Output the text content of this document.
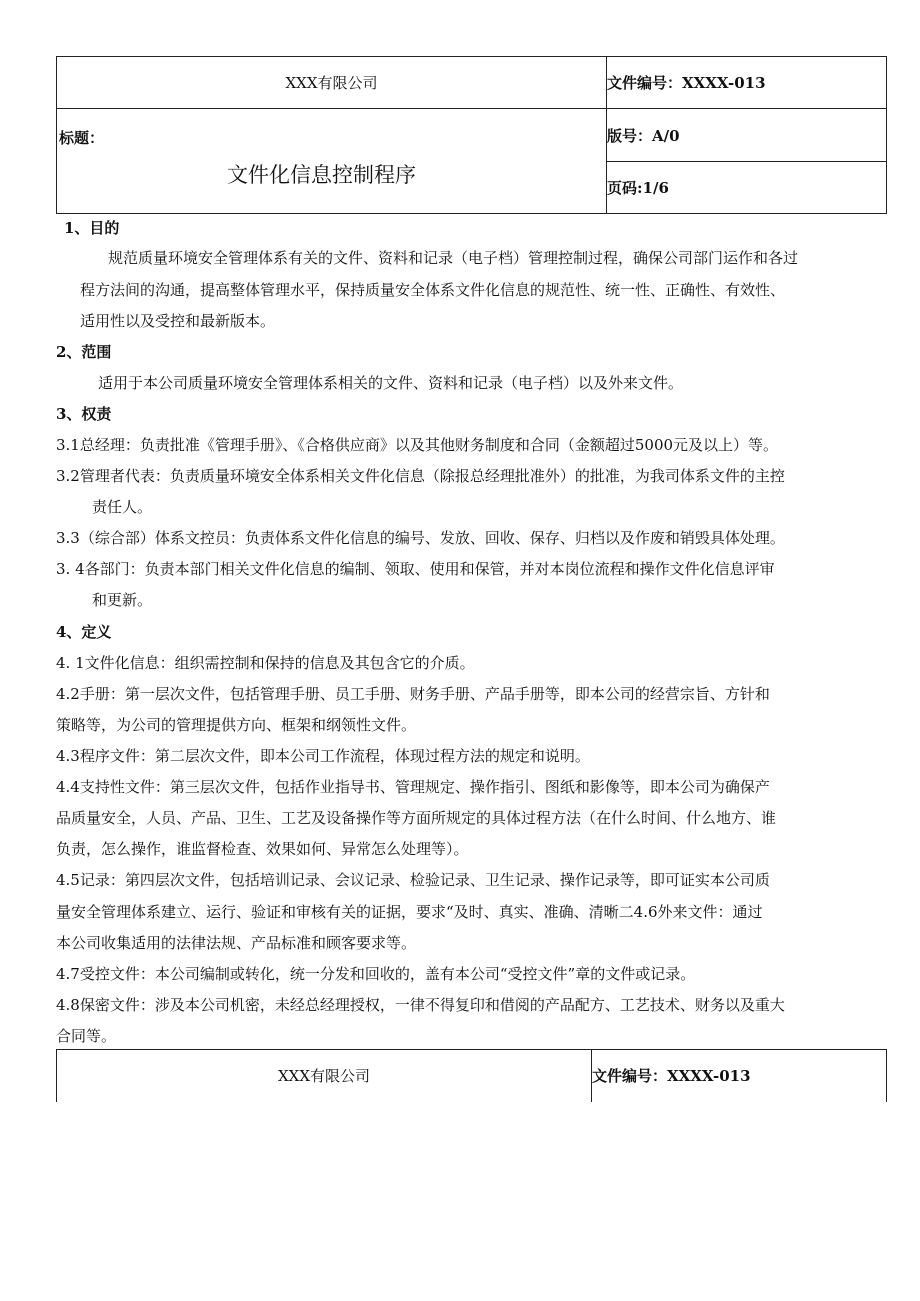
XXX有限公司	文件编号：XXXX-013

标题：
文件化信息控制程序	版号：A/0
	页码:1/6
1、目的
规范质量环境安全管理体系有关的文件、资料和记录（电子档）管理控制过程，确保公司部门运作和各过
程方法间的沟通，提高整体管理水平，保持质量安全体系文件化信息的规范性、统一性、正确性、有效性、
适用性以及受控和最新版本。
2、范围
适用于本公司质量环境安全管理体系相关的文件、资料和记录（电子档）以及外来文件。
3、权责
3.1总经理：负责批准《管理手册》、《合格供应商》以及其他财务制度和合同（金额超过5000元及以上）等。
3.2管理者代表：负责质量环境安全体系相关文件化信息（除报总经理批准外）的批准，为我司体系文件的主控
责任人。
3.3（综合部）体系文控员：负责体系文件化信息的编号、发放、回收、保存、归档以及作废和销毁具体处理。
3. 4各部门：负责本部门相关文件化信息的编制、领取、使用和保管，并对本岗位流程和操作文件化信息评审
和更新。
4、定义
4. 1文件化信息：组织需控制和保持的信息及其包含它的介质。
4.2手册：第一层次文件，包括管理手册、员工手册、财务手册、产品手册等，即本公司的经营宗旨、方针和
策略等，为公司的管理提供方向、框架和纲领性文件。
4.3程序文件：第二层次文件，即本公司工作流程，体现过程方法的规定和说明。
4.4支持性文件：第三层次文件，包括作业指导书、管理规定、操作指引、图纸和影像等，即本公司为确保产
品质量安全，人员、产品、卫生、工艺及设备操作等方面所规定的具体过程方法（在什么时间、什么地方、谁
负责，怎么操作，谁监督检查、效果如何、异常怎么处理等）。
4.5记录：第四层次文件，包括培训记录、会议记录、检验记录、卫生记录、操作记录等，即可证实本公司质
量安全管理体系建立、运行、验证和审核有关的证据，要求“及时、真实、准确、清晰二4.6外来文件：通过
本公司收集适用的法律法规、产品标准和顾客要求等。
4.7受控文件：本公司编制或转化，统一分发和回收的，盖有本公司“受控文件”章的文件或记录。
4.8保密文件：涉及本公司机密，未经总经理授权，一律不得复印和借阅的产品配方、工艺技术、财务以及重大
合同等。
XXX有限公司	文件编号：XXXX-013
